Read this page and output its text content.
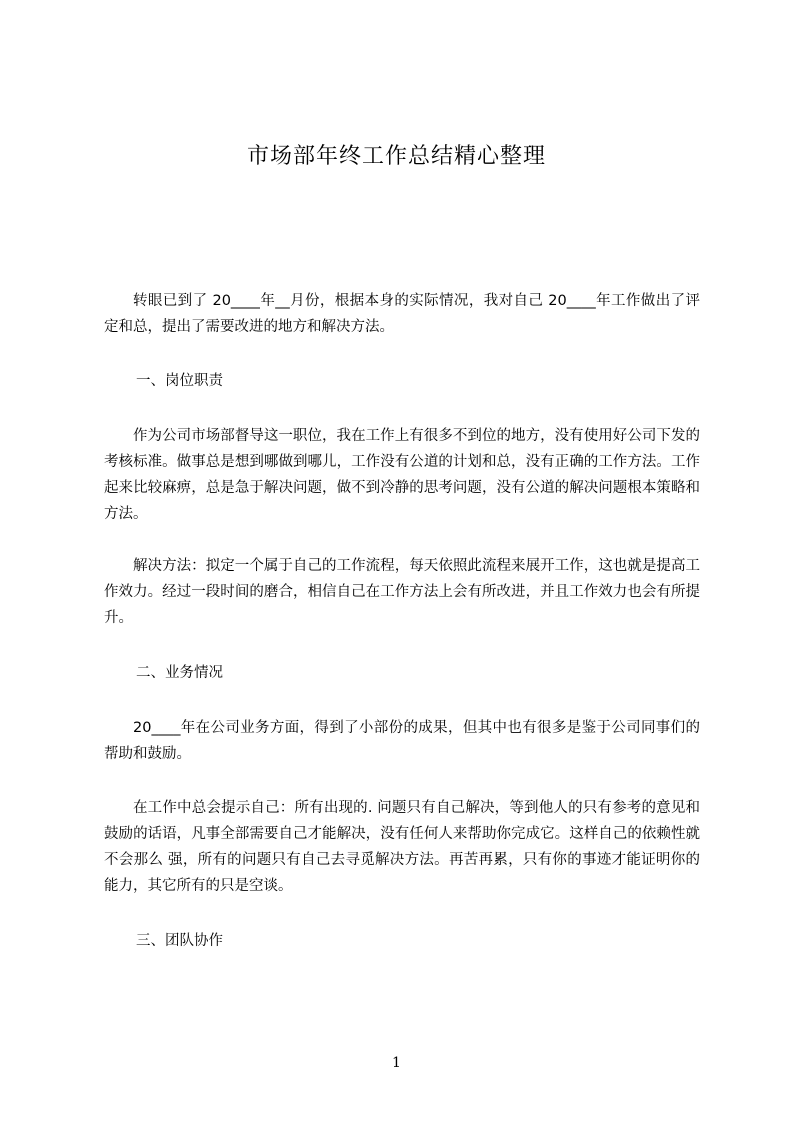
市场部年终工作总结精心整理

转眼已到了 20____年__月份，根据本身的实际情况，我对自己 20____年工作做出了评定和总，提出了需要改进的地方和解决方法。

一、岗位职责

作为公司市场部督导这一职位，我在工作上有很多不到位的地方，没有使用好公司下发的考核标准。做事总是想到哪做到哪儿，工作没有公道的计划和总，没有正确的工作方法。工作起来比较麻痹，总是急于解决问题，做不到冷静的思考问题，没有公道的解决问题根本策略和方法。

解决方法：拟定一个属于自己的工作流程，每天依照此流程来展开工作，这也就是提高工作效力。经过一段时间的磨合，相信自己在工作方法上会有所改进，并且工作效力也会有所提升。

二、业务情况

20____年在公司业务方面，得到了小部份的成果，但其中也有很多是鉴于公司同事们的帮助和鼓励。

在工作中总会提示自己：所有出现的. 问题只有自己解决，等到他人的只有参考的意见和鼓励的话语，凡事全部需要自己才能解决，没有任何人来帮助你完成它。这样自己的依赖性就不会那么 强，所有的问题只有自己去寻觅解决方法。再苦再累，只有你的事迹才能证明你的能力，其它所有的只是空谈。

三、团队协作

1
